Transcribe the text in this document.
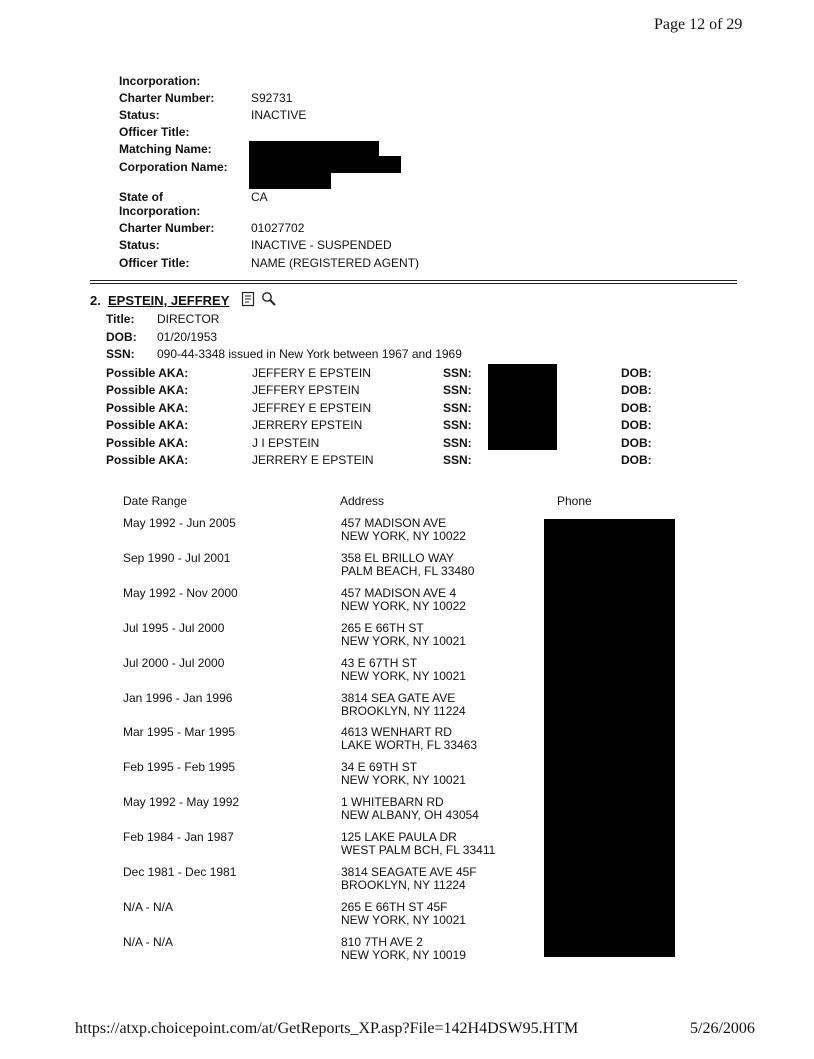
Page 12 of 29
Incorporation:
Charter Number:	S92731
Status:	INACTIVE
Officer Title:
Matching Name:
Corporation Name:
State of
Incorporation:
CA
Charter Number:	01027702
Status:	INACTIVE - SUSPENDED
Officer Title:	NAME (REGISTERED AGENT)
2. EPSTEIN, JEFFREY
Title: DIRECTOR
DOB: 01/20/1953
SSN: 090-44-3348 issued in New York between 1967 and 1969
Possible AKA:	JEFFERY E EPSTEIN	SSN:	DOB:
Possible AKA:	JEFFERY EPSTEIN	SSN:	DOB:
Possible AKA:	JEFFREY E EPSTEIN	SSN:	DOB:
Possible AKA:	JERRERY EPSTEIN	SSN:	DOB:
Possible AKA:	J I EPSTEIN	SSN:	DOB:
Possible AKA:	JERRERY E EPSTEIN	SSN:	DOB:
Date Range	Address	Phone
May 1992 - Jun 2005	457 MADISON AVE
NEW YORK, NY 10022
Sep 1990 - Jul 2001	358 EL BRILLO WAY
PALM BEACH, FL 33480
May 1992 - Nov 2000	457 MADISON AVE 4
NEW YORK, NY 10022
Jul 1995 - Jul 2000	265 E 66TH ST
NEW YORK, NY 10021
Jul 2000 - Jul 2000	43 E 67TH ST
NEW YORK, NY 10021
Jan 1996 - Jan 1996	3814 SEA GATE AVE
BROOKLYN, NY 11224
Mar 1995 - Mar 1995	4613 WENHART RD
LAKE WORTH, FL 33463
Feb 1995 - Feb 1995	34 E 69TH ST
NEW YORK, NY 10021
May 1992 - May 1992	1 WHITEBARN RD
NEW ALBANY, OH 43054
Feb 1984 - Jan 1987	125 LAKE PAULA DR
WEST PALM BCH, FL 33411
Dec 1981 - Dec 1981	3814 SEAGATE AVE 45F
BROOKLYN, NY 11224
N/A - N/A	265 E 66TH ST 45F
NEW YORK, NY 10021
N/A - N/A	810 7TH AVE 2
NEW YORK, NY 10019
https://atxp.choicepoint.com/at/GetReports_XP.asp?File=142H4DSW95.HTM	5/26/2006
